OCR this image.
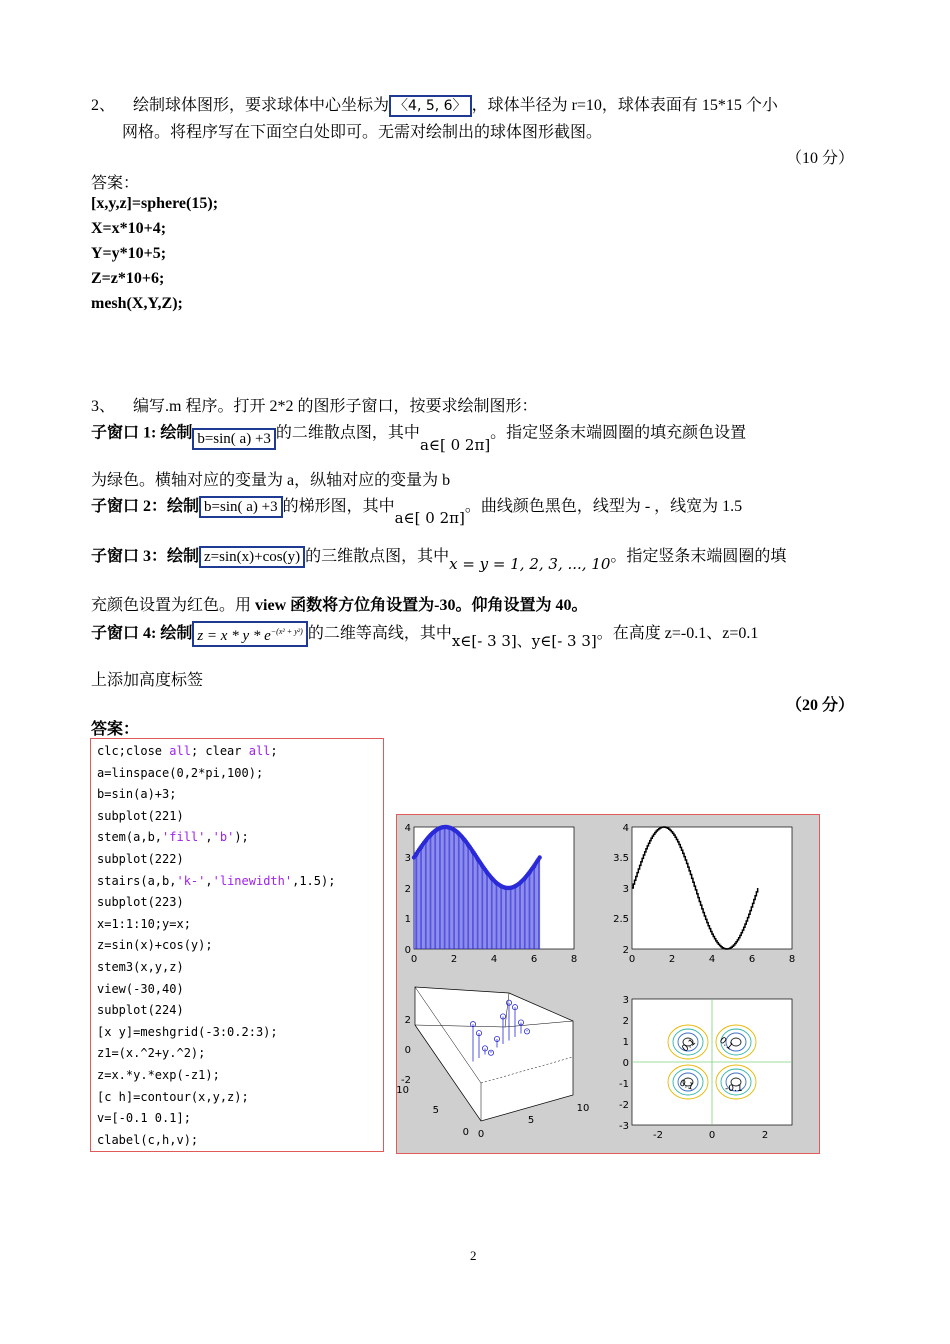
2、 绘制球体图形，要求球体中心坐标为 〈4, 5, 6〉 ，球体半径为 r=10，球体表面有 15*15 个小
网格。将程序写在下面空白处即可。无需对绘制出的球体图形截图。
（10 分）
答案：
[x,y,z]=sphere(15);
X=x*10+4;
Y=y*10+5;
Z=z*10+6;
mesh(X,Y,Z);
3、 编写.m 程序。打开 2*2 的图形子窗口，按要求绘制图形：
子窗口 1: 绘制 b=sin( a) +3 的二维散点图，其中a∈[ 0 2π]。指定竖条末端圆圈的填充颜色设置
为绿色。横轴对应的变量为 a，纵轴对应的变量为 b
子窗口 2：绘制 b=sin( a) +3 的梯形图，其中a∈[ 0 2π]。曲线颜色黑色，线型为 - ，线宽为 1.5
子窗口 3：绘制 z=sin(x)+cos(y) 的三维散点图，其中x = y = 1, 2, 3, ..., 10。指定竖条末端圆圈的填
充颜色设置为红色。用 view 函数将方位角设置为-30。仰角设置为 40。
子窗口 4: 绘制 $z = x * y * e^{-(x^2 + y^2)}$ 的二维等高线，其中x∈[- 3 3]、y∈[- 3 3]。在高度 z=-0.1、z=0.1
上添加高度标签
（20 分）
答案：
clc;close all; clear all;
a=linspace(0,2*pi,100);
b=sin(a)+3;
subplot(221)
stem(a,b,'fill','b');
subplot(222)
stairs(a,b,'k-','linewidth',1.5);
subplot(223)
x=1:1:10;y=x;
z=sin(x)+cos(y);
stem3(x,y,z)
view(-30,40)
subplot(224)
[x y]=meshgrid(-3:0.2:3);
z1=(x.^2+y.^2);
z=x.*y.*exp(-z1);
[c h]=contour(x,y,z);
v=[-0.1 0.1];
clabel(c,h,v);
0	2	4	6	8
0
1
2
3
4
0	2	4	6	8
2
2.5
3
3.5
4
2
0
-2
10
5
0 0
5
10
0.1 0.1
0.1	-0.1
-2	0	2
3
2
1
0
-1
-2
-3
2
